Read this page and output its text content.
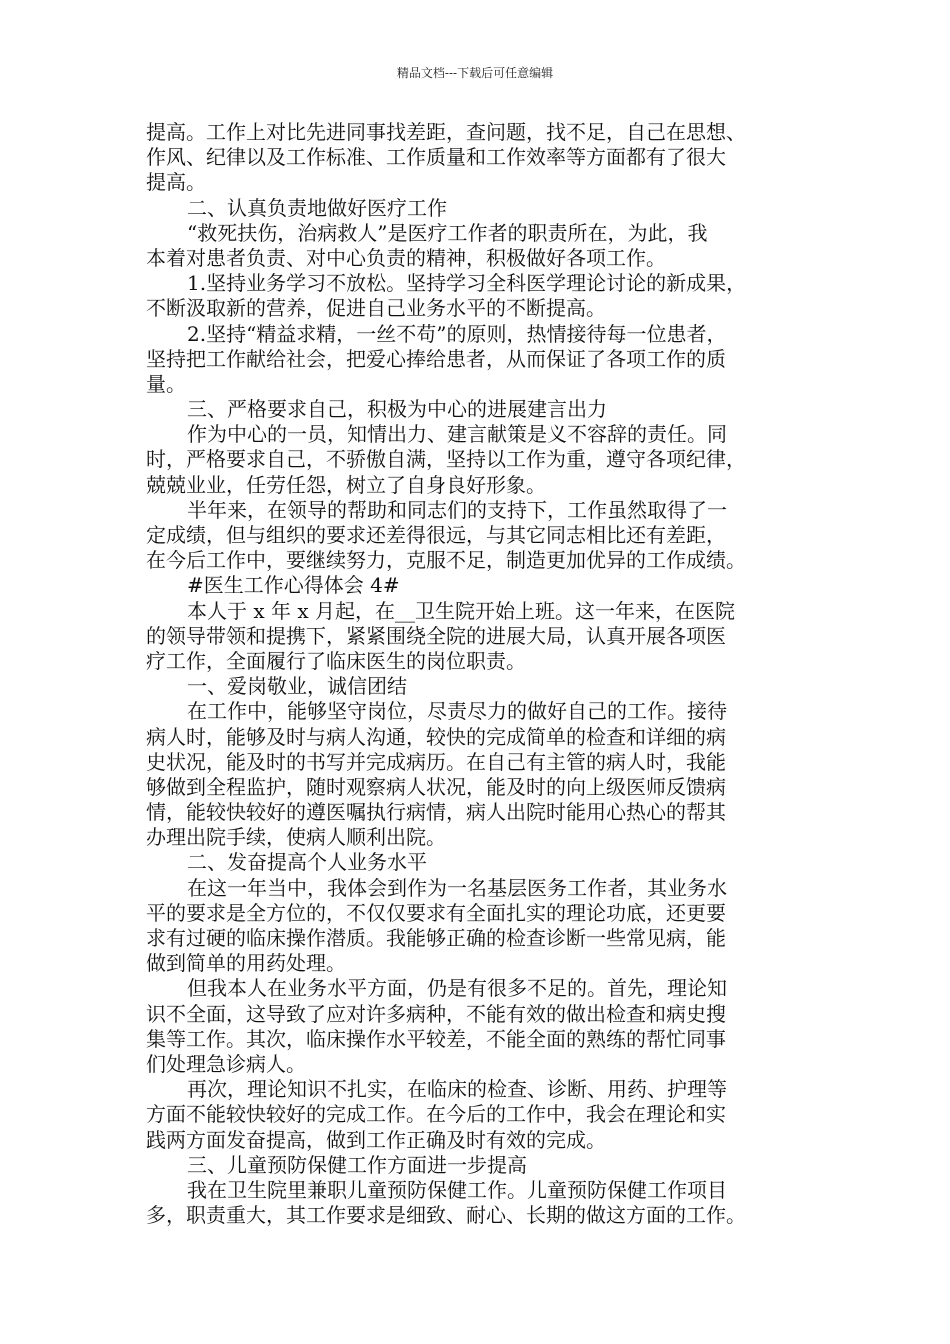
精品文档---下载后可任意编辑
提高。工作上对比先进同事找差距，查问题，找不足，自己在思想、
作风、纪律以及工作标准、工作质量和工作效率等方面都有了很大
提高。
二、认真负责地做好医疗工作
“救死扶伤，治病救人”是医疗工作者的职责所在，为此，我
本着对患者负责、对中心负责的精神，积极做好各项工作。
1.坚持业务学习不放松。坚持学习全科医学理论讨论的新成果，
不断汲取新的营养，促进自己业务水平的不断提高。
2.坚持“精益求精，一丝不苟”的原则，热情接待每一位患者，
坚持把工作献给社会，把爱心捧给患者，从而保证了各项工作的质
量。
三、严格要求自己，积极为中心的进展建言出力
作为中心的一员，知情出力、建言献策是义不容辞的责任。同
时，严格要求自己，不骄傲自满，坚持以工作为重，遵守各项纪律，
兢兢业业，任劳任怨，树立了自身良好形象。
半年来，在领导的帮助和同志们的支持下，工作虽然取得了一
定成绩，但与组织的要求还差得很远，与其它同志相比还有差距，
在今后工作中，要继续努力，克服不足，制造更加优异的工作成绩。
#医生工作心得体会 4#
本人于 x 年 x 月起，在__卫生院开始上班。这一年来，在医院
的领导带领和提携下，紧紧围绕全院的进展大局，认真开展各项医
疗工作，全面履行了临床医生的岗位职责。
一、爱岗敬业，诚信团结
在工作中，能够坚守岗位，尽责尽力的做好自己的工作。接待
病人时，能够及时与病人沟通，较快的完成简单的检查和详细的病
史状况，能及时的书写并完成病历。在自己有主管的病人时，我能
够做到全程监护，随时观察病人状况，能及时的向上级医师反馈病
情，能较快较好的遵医嘱执行病情，病人出院时能用心热心的帮其
办理出院手续，使病人顺利出院。
二、发奋提高个人业务水平
在这一年当中，我体会到作为一名基层医务工作者，其业务水
平的要求是全方位的，不仅仅要求有全面扎实的理论功底，还更要
求有过硬的临床操作潜质。我能够正确的检查诊断一些常见病，能
做到简单的用药处理。
但我本人在业务水平方面，仍是有很多不足的。首先，理论知
识不全面，这导致了应对许多病种，不能有效的做出检查和病史搜
集等工作。其次，临床操作水平较差，不能全面的熟练的帮忙同事
们处理急诊病人。
再次，理论知识不扎实，在临床的检查、诊断、用药、护理等
方面不能较快较好的完成工作。在今后的工作中，我会在理论和实
践两方面发奋提高，做到工作正确及时有效的完成。
三、儿童预防保健工作方面进一步提高
我在卫生院里兼职儿童预防保健工作。儿童预防保健工作项目
多，职责重大，其工作要求是细致、耐心、长期的做这方面的工作。
